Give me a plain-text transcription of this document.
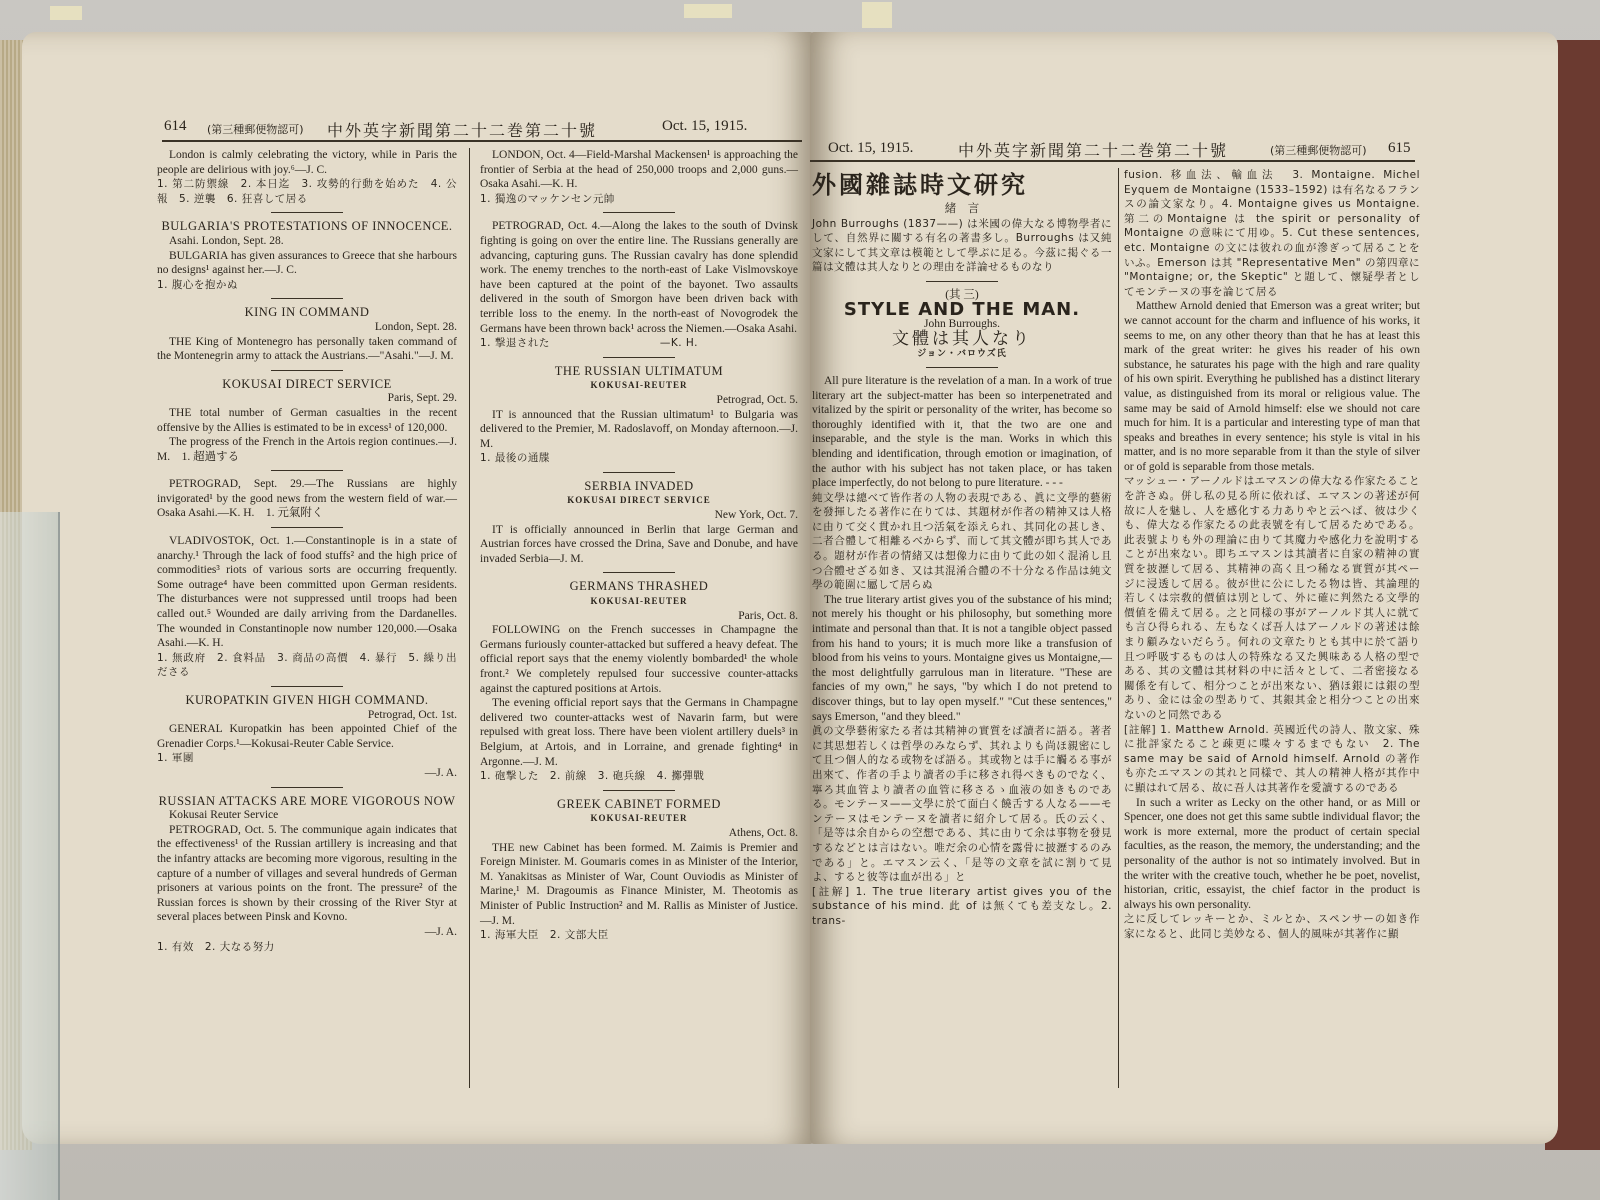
614 (第三種郵便物認可) 中外英字新聞第二十二巻第二十號	Oct. 15, 1915.
London is calmly celebrating the victory, while in Paris the people are delirious with joy.⁶—J. C.
1. 第二防禦線　2. 本日迄　3. 攻勢的行動を始めた　4. 公報　5. 逆襲　6. 狂喜して居る
BULGARIA'S PROTESTATIONS OF INNOCENCE.
Asahi. London, Sept. 28.
BULGARIA has given assurances to Greece that she harbours no designs¹ against her.—J. C.
1. 腹心を抱かぬ
KING IN COMMAND
London, Sept. 28.
THE King of Montenegro has personally taken command of the Montenegrin army to attack the Austrians.—"Asahi."—J. M.
KOKUSAI DIRECT SERVICE
Paris, Sept. 29.
THE total number of German casualties in the recent offensive by the Allies is estimated to be in excess¹ of 120,000.
The progress of the French in the Artois region continues.—J. M.　1. 超過する
PETROGRAD, Sept. 29.—The Russians are highly invigorated¹ by the good news from the western field of war.—Osaka Asahi.—K. H.　1. 元氣附く
VLADIVOSTOK, Oct. 1.—Constantinople is in a state of anarchy.¹ Through the lack of food stuffs² and the high price of commodities³ riots of various sorts are occurring frequently. Some outrage⁴ have been committed upon German residents. The disturbances were not suppressed until troops had been called out.⁵ Wounded are daily arriving from the Dardanelles. The wounded in Constantinople now number 120,000.—Osaka Asahi.—K. H.
1. 無政府　2. 食料品　3. 商品の高價　4. 暴行　5. 繰り出ださる
KUROPATKIN GIVEN HIGH COMMAND.
Petrograd, Oct. 1st.
GENERAL Kuropatkin has been appointed Chief of the Grenadier Corps.¹—Kokusai-Reuter Cable Service.
1. 軍團
—J. A.
RUSSIAN ATTACKS ARE MORE VIGOROUS NOW
Kokusai Reuter Service
PETROGRAD, Oct. 5. The communique again indicates that the effectiveness¹ of the Russian artillery is increasing and that the infantry attacks are becoming more vigorous, resulting in the capture of a number of villages and several hundreds of German prisoners at various points on the front. The pressure² of the Russian forces is shown by their crossing of the River Styr at several places between Pinsk and Kovno.
—J. A.
1. 有效　2. 大なる努力
LONDON, Oct. 4—Field-Marshal Mackensen¹ is approaching the frontier of Serbia at the head of 250,000 troops and 2,000 guns.—Osaka Asahi.—K. H.
1. 獨逸のマッケンセン元帥
PETROGRAD, Oct. 4.—Along the lakes to the south of Dvinsk fighting is going on over the entire line. The Russians generally are advancing, capturing guns. The Russian cavalry has done splendid work. The enemy trenches to the north-east of Lake Vislmovskoye have been captured at the point of the bayonet. Two assaults delivered in the south of Smorgon have been driven back with terrible loss to the enemy. In the north-east of Novogrodek the Germans have been thrown back¹ across the Niemen.—Osaka Asahi.
1. 撃退された　　　　　　　　　　—K. H.
THE RUSSIAN ULTIMATUM
KOKUSAI-REUTER
Petrograd, Oct. 5.
IT is announced that the Russian ultimatum¹ to Bulgaria was delivered to the Premier, M. Radoslavoff, on Monday afternoon.—J. M.
1. 最後の通牒
SERBIA INVADED
KOKUSAI DIRECT SERVICE
New York, Oct. 7.
IT is officially announced in Berlin that large German and Austrian forces have crossed the Drina, Save and Donube, and have invaded Serbia—J. M.
GERMANS THRASHED
KOKUSAI-REUTER
Paris, Oct. 8.
FOLLOWING on the French successes in Champagne the Germans furiously counter-attacked but suffered a heavy defeat. The official report says that the enemy violently bombarded¹ the whole front.² We completely repulsed four successive counter-attacks against the captured positions at Artois.
The evening official report says that the Germans in Champagne delivered two counter-attacks west of Navarin farm, but were repulsed with great loss. There have been violent artillery duels³ in Belgium, at Artois, and in Lorraine, and grenade fighting⁴ in Argonne.—J. M.
1. 砲撃した　2. 前線　3. 砲兵線　4. 擲彈戰
GREEK CABINET FORMED
KOKUSAI-REUTER
Athens, Oct. 8.
THE new Cabinet has been formed. M. Zaimis is Premier and Foreign Minister. M. Goumaris comes in as Minister of the Interior, M. Yanakitsas as Minister of War, Count Ouviodis as Minister of Marine,¹ M. Dragoumis as Finance Minister, M. Theotomis as Minister of Public Instruction² and M. Rallis as Minister of Justice.—J. M.
1. 海軍大臣　2. 文部大臣
Oct. 15, 1915.	中外英字新聞第二十二巻第二十號	(第三種郵便物認可) 615
外國雜誌時文研究
緒　言
John Burroughs (1837——) は米國の偉大なる博物學者にして、自然界に關する有名の著書多し。Burroughs は又純文家にして其文章は模範として學ぶに足る。今茲に掲ぐる一篇は文體は其人なりとの理由を詳論せるものなり
(其 三)
STYLE AND THE MAN.
John Burroughs.
文體は其人なり
ジョン・バロウズ氏
All pure literature is the revelation of a man. In a work of true literary art the subject-matter has been so interpenetrated and vitalized by the spirit or personality of the writer, has become so thoroughly identified with it, that the two are one and inseparable, and the style is the man. Works in which this blending and identification, through emotion or imagination, of the author with his subject has not taken place, or has taken place imperfectly, do not belong to pure literature. - - -
純文學は總べて皆作者の人物の表現である、眞に文學的藝術を發揮したる著作に在りては、其題材が作者の精神又は人格に由りて交く貫かれ且つ活氣を添えられ、其同化の甚しき、二者合體して相離るべからず、而して其文體が即ち其人である。題材が作者の情緒又は想像力に由りて此の如く混淆し且つ合體せざる如き、又は其混淆合體の不十分なる作品は純文學の範圍に屬して居らぬ
The true literary artist gives you of the substance of his mind; not merely his thought or his philosophy, but something more intimate and personal than that. It is not a tangible object passed from his hand to yours; it is much more like a transfusion of blood from his veins to yours. Montaigne gives us Montaigne,—the most delightfully garrulous man in literature. "These are fancies of my own," he says, "by which I do not pretend to discover things, but to lay open myself." "Cut these sentences," says Emerson, "and they bleed."
眞の文學藝術家たる者は其精神の實質をば讀者に語る。著者に其思想若しくは哲學のみならず、其れよりも尚ほ親密にして且つ個人的なる或物をば語る。其或物とは手に觸るる事が出來て、作者の手より讀者の手に移され得べきものでなく、寧ろ其血管より讀者の血管に移さるゝ血液の如きものである。モンテーヌ——文學に於て面白く饒舌する人なる——モンテーヌはモンテーヌを讀者に紹介して居る。氏の云く、「是等は余自からの空想である、其に由りて余は事物を發見するなどとは言はない。唯だ余の心情を露骨に披瀝するのみである」と。エマスン云く、「是等の文章を試に割りて見よ、すると彼等は血が出る」と
[註解] 1. The true literary artist gives you of the substance of his mind. 此 of は無くても差支なし。2. trans-
fusion. 移血法、輸血法　3. Montaigne. Michel Eyquem de Montaigne (1533–1592) は有名なるフランスの論文家なり。4. Montaigne gives us Montaigne. 第二のMontaigne は the spirit or personality of Montaigne の意味にて用ゆ。5. Cut these sentences, etc. Montaigne の文には彼れの血が滲ぎって居ることをいふ。Emerson は其 "Representative Men" の第四章に "Montaigne; or, the Skeptic" と題して、懷疑學者としてモンテーヌの事を論じて居る
Matthew Arnold denied that Emerson was a great writer; but we cannot account for the charm and influence of his works, it seems to me, on any other theory than that he has at least this mark of the great writer: he gives his reader of his own substance, he saturates his page with the high and rare quality of his own spirit. Everything he published has a distinct literary value, as distinguished from its moral or religious value. The same may be said of Arnold himself: else we should not care much for him. It is a particular and interesting type of man that speaks and breathes in every sentence; his style is vital in his matter, and is no more separable from it than the style of silver or of gold is separable from those metals.
マッシュー・アーノルドはエマスンの偉大なる作家たることを許さぬ。併し私の見る所に依れば、エマスンの著述が何故に人を魅し、人を感化する力ありやと云へば、彼は少くも、偉大なる作家たるの此表號を有して居るためである。此表號よりも外の理論に由りて其魔力や感化力を說明することが出來ない。即ちエマスンは其讀者に自家の精神の實質を披瀝して居る、其精神の高く且つ稀なる實質が其ページに浸透して居る。彼が世に公にしたる物は皆、其論理的若しくは宗敎的價値は別として、外に確に判然たる文學的價値を備えて居る。之と同樣の事がアーノルド其人に就ても言ひ得られる、左もなくば吾人はアーノルドの著述は餘まり顧みないだらう。何れの文章たりとも其中に於て語り且つ呼吸するものは人の特殊なる又た興味ある人格の型である、其の文體は其材料の中に活々として、二者密接なる關係を有して、相分つことが出來ない、猶ほ銀には銀の型あり、金には金の型ありて、其銀其金と相分つことの出來ないのと同然である
[註解] 1. Matthew Arnold. 英國近代の詩人、散文家、殊に批評家たること疎更に喋々するまでもない　2. The same may be said of Arnold himself. Arnold の著作も亦たエマスンの其れと同樣で、其人の精神人格が其作中に顯はれて居る、故に吾人は其著作を愛讀するのである
In such a writer as Lecky on the other hand, or as Mill or Spencer, one does not get this same subtle individual flavor; the work is more external, more the product of certain special faculties, as the reason, the memory, the understanding; and the personality of the author is not so intimately involved. But in the writer with the creative touch, whether he be poet, novelist, historian, critic, essayist, the chief factor in the product is always his own personality.
之に反してレッキーとか、ミルとか、スペンサーの如き作家になると、此同じ美妙なる、個人的風味が其著作に顯
